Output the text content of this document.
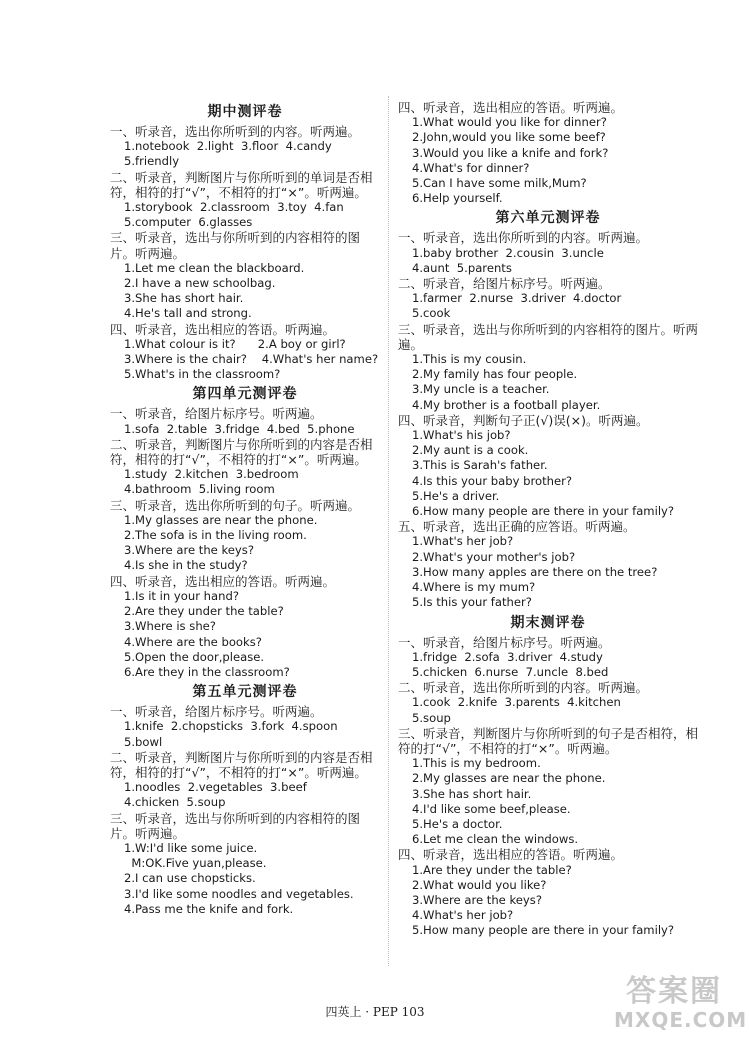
期中测评卷
一、听录音，选出你所听到的内容。听两遍。
1.notebook  2.light  3.floor  4.candy
5.friendly
二、听录音，判断图片与你所听到的单词是否相符，相符的打“√”，不相符的打“×”。听两遍。
1.storybook  2.classroom  3.toy  4.fan
5.computer  6.glasses
三、听录音，选出与你所听到的内容相符的图片。听两遍。
1.Let me clean the blackboard.
2.I have a new schoolbag.
3.She has short hair.
4.He's tall and strong.
四、听录音，选出相应的答语。听两遍。
1.What colour is it?      2.A boy or girl?
3.Where is the chair?    4.What's her name?
5.What's in the classroom?
第四单元测评卷
一、听录音，给图片标序号。听两遍。
1.sofa  2.table  3.fridge  4.bed  5.phone
二、听录音，判断图片与你所听到的内容是否相符，相符的打“√”，不相符的打“×”。听两遍。
1.study  2.kitchen  3.bedroom
4.bathroom  5.living room
三、听录音，选出你所听到的句子。听两遍。
1.My glasses are near the phone.
2.The sofa is in the living room.
3.Where are the keys?
4.Is she in the study?
四、听录音，选出相应的答语。听两遍。
1.Is it in your hand?
2.Are they under the table?
3.Where is she?
4.Where are the books?
5.Open the door,please.
6.Are they in the classroom?
第五单元测评卷
一、听录音，给图片标序号。听两遍。
1.knife  2.chopsticks  3.fork  4.spoon
5.bowl
二、听录音，判断图片与你所听到的内容是否相符，相符的打“√”，不相符的打“×”。听两遍。
1.noodles  2.vegetables  3.beef
4.chicken  5.soup
三、听录音，选出与你所听到的内容相符的图片。听两遍。
1.W:I'd like some juice.
M:OK.Five yuan,please.
2.I can use chopsticks.
3.I'd like some noodles and vegetables.
4.Pass me the knife and fork.
四、听录音，选出相应的答语。听两遍。
1.What would you like for dinner?
2.John,would you like some beef?
3.Would you like a knife and fork?
4.What's for dinner?
5.Can I have some milk,Mum?
6.Help yourself.
第六单元测评卷
一、听录音，选出你所听到的内容。听两遍。
1.baby brother  2.cousin  3.uncle
4.aunt  5.parents
二、听录音，给图片标序号。听两遍。
1.farmer  2.nurse  3.driver  4.doctor
5.cook
三、听录音，选出与你所听到的内容相符的图片。听两遍。
1.This is my cousin.
2.My family has four people.
3.My uncle is a teacher.
4.My brother is a football player.
四、听录音，判断句子正(√)误(×)。听两遍。
1.What's his job?
2.My aunt is a cook.
3.This is Sarah's father.
4.Is this your baby brother?
5.He's a driver.
6.How many people are there in your family?
五、听录音，选出正确的应答语。听两遍。
1.What's her job?
2.What's your mother's job?
3.How many apples are there on the tree?
4.Where is my mum?
5.Is this your father?
期末测评卷
一、听录音，给图片标序号。听两遍。
1.fridge  2.sofa  3.driver  4.study
5.chicken  6.nurse  7.uncle  8.bed
二、听录音，选出你所听到的内容。听两遍。
1.cook  2.knife  3.parents  4.kitchen
5.soup
三、听录音，判断图片与你所听到的句子是否相符，相符的打“√”，不相符的打“×”。听两遍。
1.This is my bedroom.
2.My glasses are near the phone.
3.She has short hair.
4.I'd like some beef,please.
5.He's a doctor.
6.Let me clean the windows.
四、听录音，选出相应的答语。听两遍。
1.Are they under the table?
2.What would you like?
3.Where are the keys?
4.What's her job?
5.How many people are there in your family?
四英上 · PEP 103
答案圈
MXQE.COM
